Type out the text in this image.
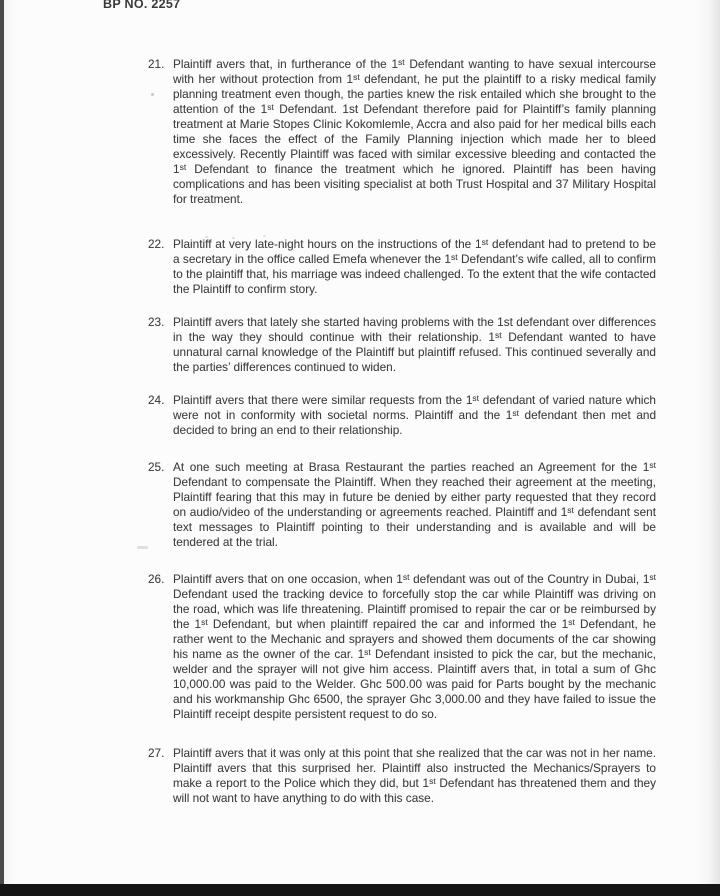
BP NO. 2257
21. Plaintiff avers that, in furtherance of the 1st Defendant wanting to have sexual intercourse with her without protection from 1st defendant, he put the plaintiff to a risky medical family planning treatment even though, the parties knew the risk entailed which she brought to the attention of the 1st Defendant. 1st Defendant therefore paid for Plaintiff’s family planning treatment at Marie Stopes Clinic Kokomlemle, Accra and also paid for her medical bills each time she faces the effect of the Family Planning injection which made her to bleed excessively. Recently Plaintiff was faced with similar excessive bleeding and contacted the 1st Defendant to finance the treatment which he ignored. Plaintiff has been having complications and has been visiting specialist at both Trust Hospital and 37 Military Hospital for treatment.
22. Plaintiff at very late-night hours on the instructions of the 1st defendant had to pretend to be a secretary in the office called Emefa whenever the 1st Defendant’s wife called, all to confirm to the plaintiff that, his marriage was indeed challenged. To the extent that the wife contacted the Plaintiff to confirm story.
23. Plaintiff avers that lately she started having problems with the 1st defendant over differences in the way they should continue with their relationship. 1st Defendant wanted to have unnatural carnal knowledge of the Plaintiff but plaintiff refused. This continued severally and the parties’ differences continued to widen.
24. Plaintiff avers that there were similar requests from the 1st defendant of varied nature which were not in conformity with societal norms. Plaintiff and the 1st defendant then met and decided to bring an end to their relationship.
25. At one such meeting at Brasa Restaurant the parties reached an Agreement for the 1st Defendant to compensate the Plaintiff. When they reached their agreement at the meeting, Plaintiff fearing that this may in future be denied by either party requested that they record on audio/video of the understanding or agreements reached. Plaintiff and 1st defendant sent text messages to Plaintiff pointing to their understanding and is available and will be tendered at the trial.
26. Plaintiff avers that on one occasion, when 1st defendant was out of the Country in Dubai, 1st Defendant used the tracking device to forcefully stop the car while Plaintiff was driving on the road, which was life threatening. Plaintiff promised to repair the car or be reimbursed by the 1st Defendant, but when plaintiff repaired the car and informed the 1st Defendant, he rather went to the Mechanic and sprayers and showed them documents of the car showing his name as the owner of the car. 1st Defendant insisted to pick the car, but the mechanic, welder and the sprayer will not give him access. Plaintiff avers that, in total a sum of Ghc 10,000.00 was paid to the Welder. Ghc 500.00 was paid for Parts bought by the mechanic and his workmanship Ghc 6500, the sprayer Ghc 3,000.00 and they have failed to issue the Plaintiff receipt despite persistent request to do so.
27. Plaintiff avers that it was only at this point that she realized that the car was not in her name. Plaintiff avers that this surprised her. Plaintiff also instructed the Mechanics/Sprayers to make a report to the Police which they did, but 1st Defendant has threatened them and they will not want to have anything to do with this case.
